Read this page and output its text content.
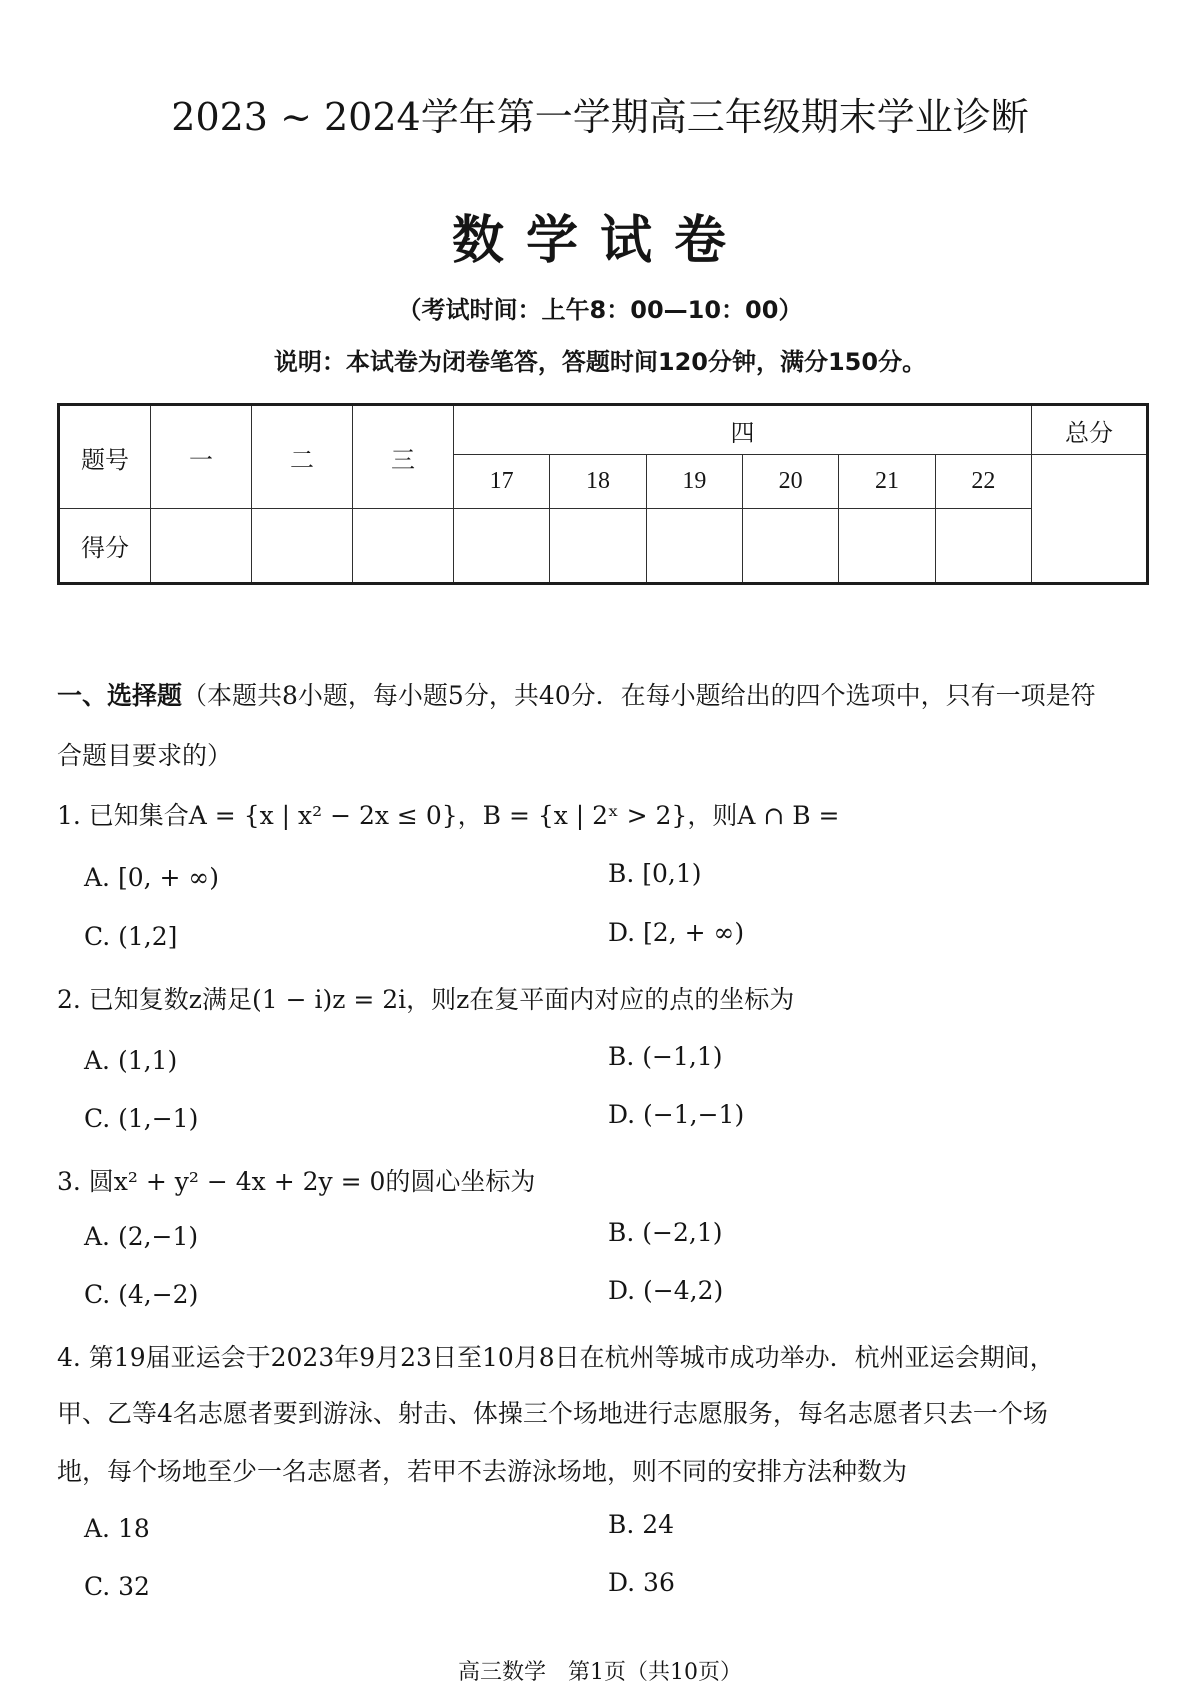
2023 ~ 2024学年第一学期高三年级期末学业诊断
数学试卷
（考试时间：上午8：00—10：00）
说明：本试卷为闭卷笔答，答题时间120分钟，满分150分。
题号	一	二	三	四						总分
				17	18	19	20	21	22	
得分										
一、选择题（本题共8小题，每小题5分，共40分．在每小题给出的四个选项中，只有一项是符
合题目要求的）
1. 已知集合A = {x | x² − 2x ≤ 0}，B = {x | 2ˣ > 2}，则A ∩ B =
A. [0, + ∞)	B. [0,1)
C. (1,2]	D. [2, + ∞)
2. 已知复数z满足(1 − i)z = 2i，则z在复平面内对应的点的坐标为
A. (1,1)	B. (−1,1)
C. (1,−1)	D. (−1,−1)
3. 圆x² + y² − 4x + 2y = 0的圆心坐标为
A. (2,−1)	B. (−2,1)
C. (4,−2)	D. (−4,2)
4. 第19届亚运会于2023年9月23日至10月8日在杭州等城市成功举办．杭州亚运会期间，
甲、乙等4名志愿者要到游泳、射击、体操三个场地进行志愿服务，每名志愿者只去一个场
地，每个场地至少一名志愿者，若甲不去游泳场地，则不同的安排方法种数为
A. 18	B. 24
C. 32	D. 36
高三数学　第1页（共10页）
